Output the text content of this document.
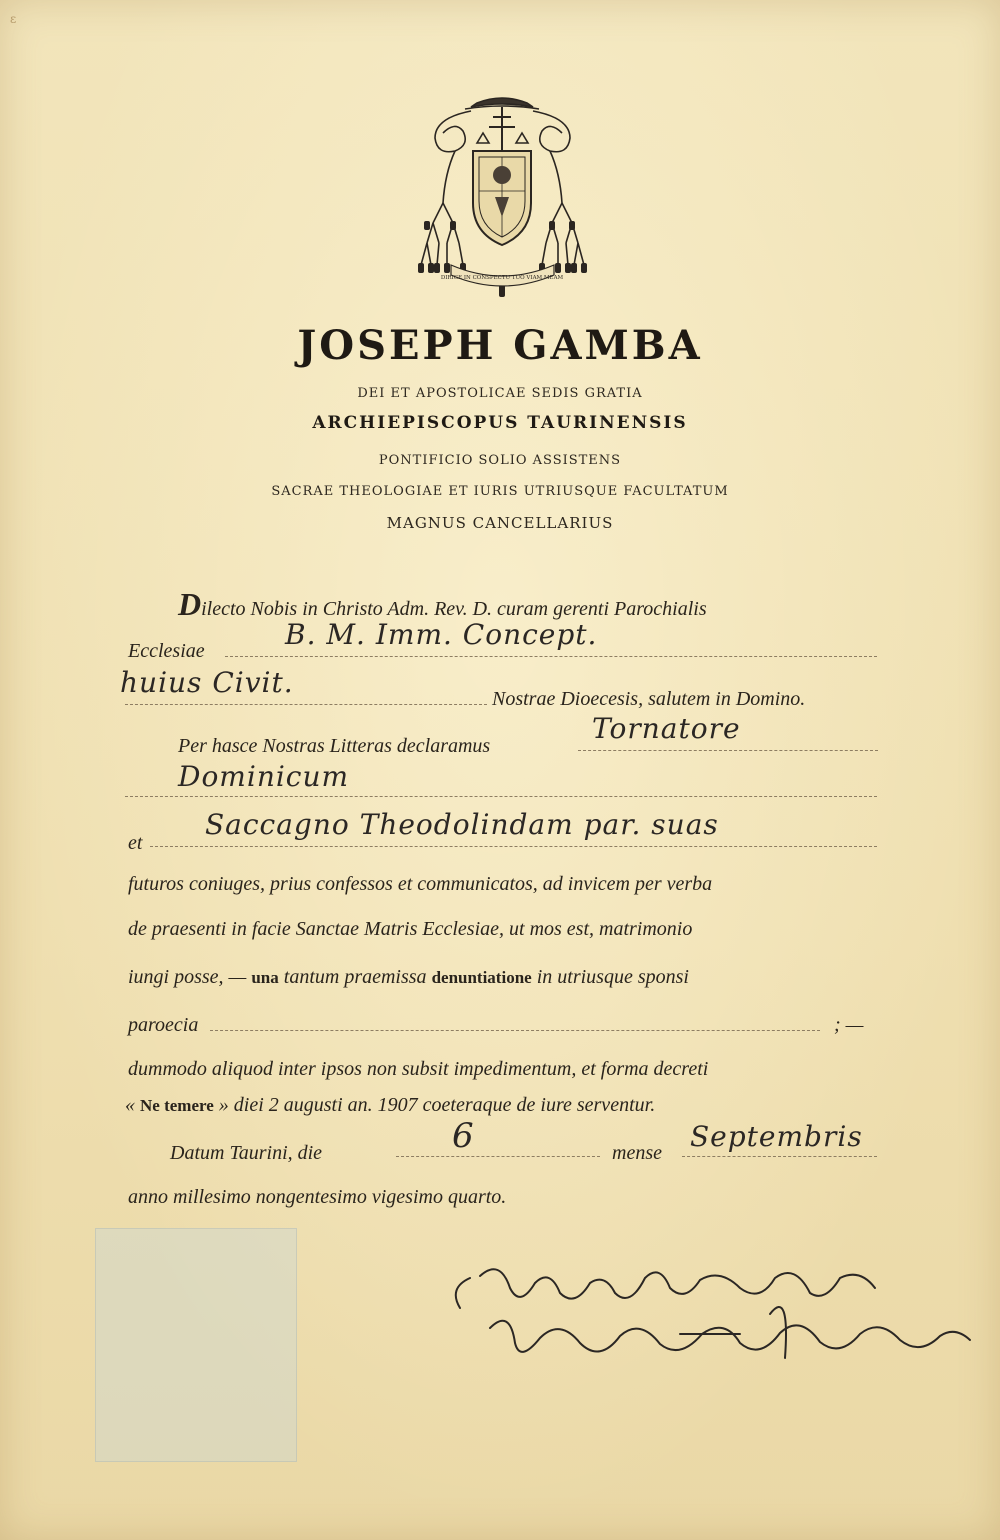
ε
DIRIGE IN CONSPECTU TUO VIAM MEAM
JOSEPH GAMBA
DEI ET APOSTOLICAE SEDIS GRATIA
ARCHIEPISCOPUS TAURINENSIS
PONTIFICIO SOLIO ASSISTENS
SACRAE THEOLOGIAE ET IURIS UTRIUSQUE FACULTATUM
MAGNUS CANCELLARIUS
Dilecto Nobis in Christo Adm. Rev. D. curam gerenti Parochialis
Ecclesiae	B. M. Imm. Concept.
huius Civit.	Nostrae Dioecesis, salutem in Domino.
Per hasce Nostras Litteras declaramus
Tornatore
Dominicum
et
Saccagno Theodolindam par. suas
futuros coniuges, prius confessos et communicatos, ad invicem per verba
de praesenti in facie Sanctae Matris Ecclesiae, ut mos est, matrimonio
iungi posse, — una tantum praemissa denuntiatione in utriusque sponsi
paroecia	; —
dummodo aliquod inter ipsos non subsit impedimentum, et forma decreti
« Ne temere » diei 2 augusti an. 1907 coeteraque de iure serventur.
Datum Taurini, die	6	mense Septembris
anno millesimo nongentesimo vigesimo quarto.
